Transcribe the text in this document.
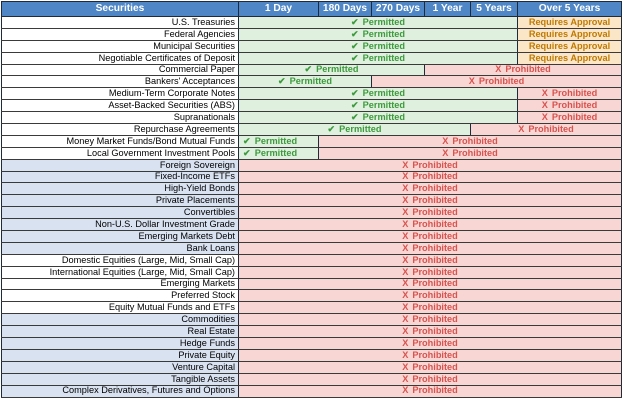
Securities	1 Day	180 Days	270 Days	1 Year	5 Years	Over 5 Years
U.S. Treasuries	✔ Permitted					Requires Approval
Federal Agencies	✔ Permitted					Requires Approval
Municipal Securities	✔ Permitted					Requires Approval
Negotiable Certificates of Deposit	✔ Permitted					Requires Approval
Commercial Paper	✔ Permitted			X Prohibited		
Bankers' Acceptances	✔ Permitted		X Prohibited			
Medium-Term Corporate Notes	✔ Permitted					X Prohibited
Asset-Backed Securities (ABS)	✔ Permitted					X Prohibited
Supranationals	✔ Permitted					X Prohibited
Repurchase Agreements	✔ Permitted				X Prohibited	
Money Market Funds/Bond Mutual Funds	✔ Permitted	X Prohibited				
Local Government Investment Pools	✔ Permitted	X Prohibited				
Foreign Sovereign	X Prohibited					
Fixed-Income ETFs	X Prohibited					
High-Yield Bonds	X Prohibited					
Private Placements	X Prohibited					
Convertibles	X Prohibited					
Non-U.S. Dollar Investment Grade	X Prohibited					
Emerging Markets Debt	X Prohibited					
Bank Loans	X Prohibited					
Domestic Equities (Large, Mid, Small Cap)	X Prohibited					
International Equities (Large, Mid, Small Cap)	X Prohibited					
Emerging Markets	X Prohibited					
Preferred Stock	X Prohibited					
Equity Mutual Funds and ETFs	X Prohibited					
Commodities	X Prohibited					
Real Estate	X Prohibited					
Hedge Funds	X Prohibited					
Private Equity	X Prohibited					
Venture Capital	X Prohibited					
Tangible Assets	X Prohibited					
Complex Derivatives, Futures and Options	X Prohibited					
